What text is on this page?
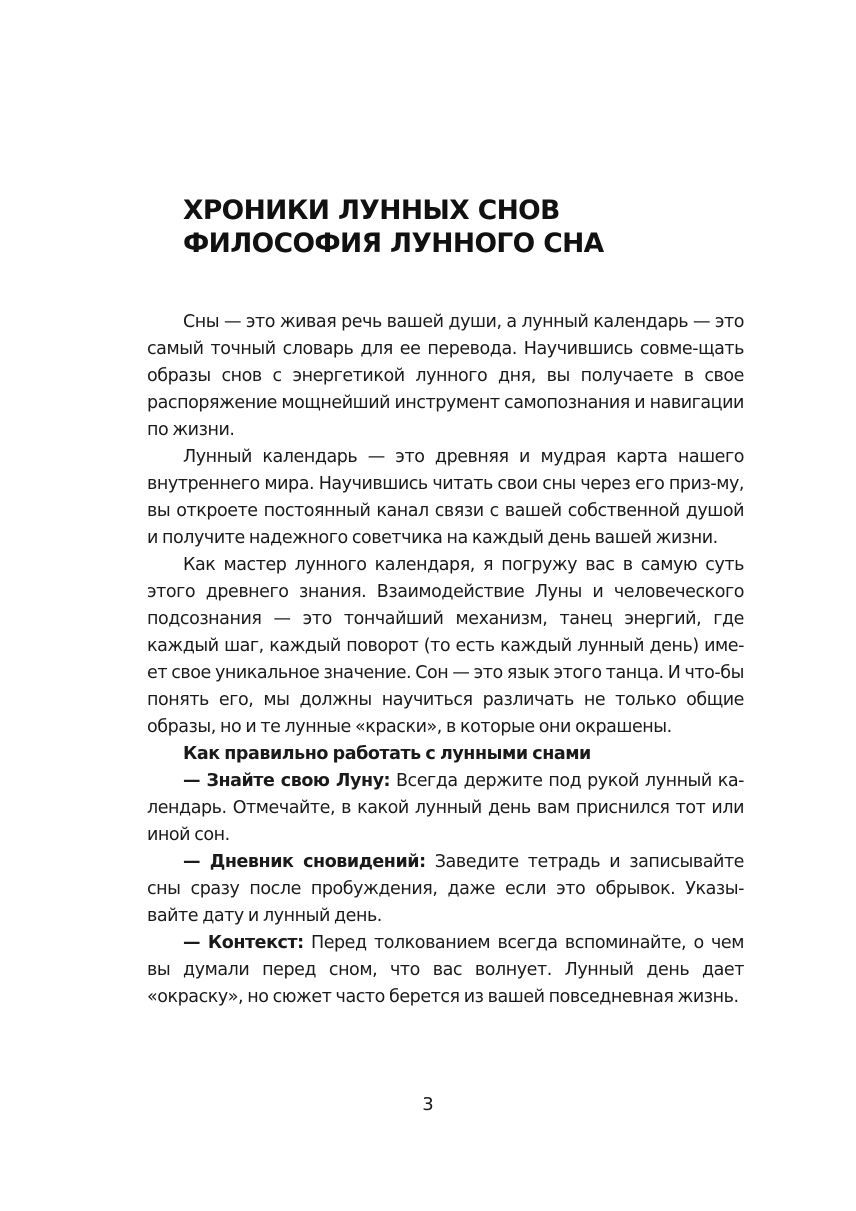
ХРОНИКИ ЛУННЫХ СНОВ
ФИЛОСОФИЯ ЛУННОГО СНА

Сны — это живая речь вашей души, а лунный календарь — это самый точный словарь для ее перевода. Научившись совме-щать образы снов с энергетикой лунного дня, вы получаете в свое распоряжение мощнейший инструмент самопознания и навигации по жизни.

Лунный календарь — это древняя и мудрая карта нашего внутреннего мира. Научившись читать свои сны через его приз-му, вы откроете постоянный канал связи с вашей собственной душой и получите надежного советчика на каждый день вашей жизни.

Как мастер лунного календаря, я погружу вас в самую суть этого древнего знания. Взаимодействие Луны и человеческого подсознания — это тончайший механизм, танец энергий, где каждый шаг, каждый поворот (то есть каждый лунный день) име-ет свое уникальное значение. Сон — это язык этого танца. И что-бы понять его, мы должны научиться различать не только общие образы, но и те лунные «краски», в которые они окрашены.

Как правильно работать с лунными снами

— Знайте свою Луну: Всегда держите под рукой лунный ка-лендарь. Отмечайте, в какой лунный день вам приснился тот или иной сон.

— Дневник сновидений: Заведите тетрадь и записывайте сны сразу после пробуждения, даже если это обрывок. Указы-вайте дату и лунный день.

— Контекст: Перед толкованием всегда вспоминайте, о чем вы думали перед сном, что вас волнует. Лунный день дает «окраску», но сюжет часто берется из вашей повседневная жизнь.

3
